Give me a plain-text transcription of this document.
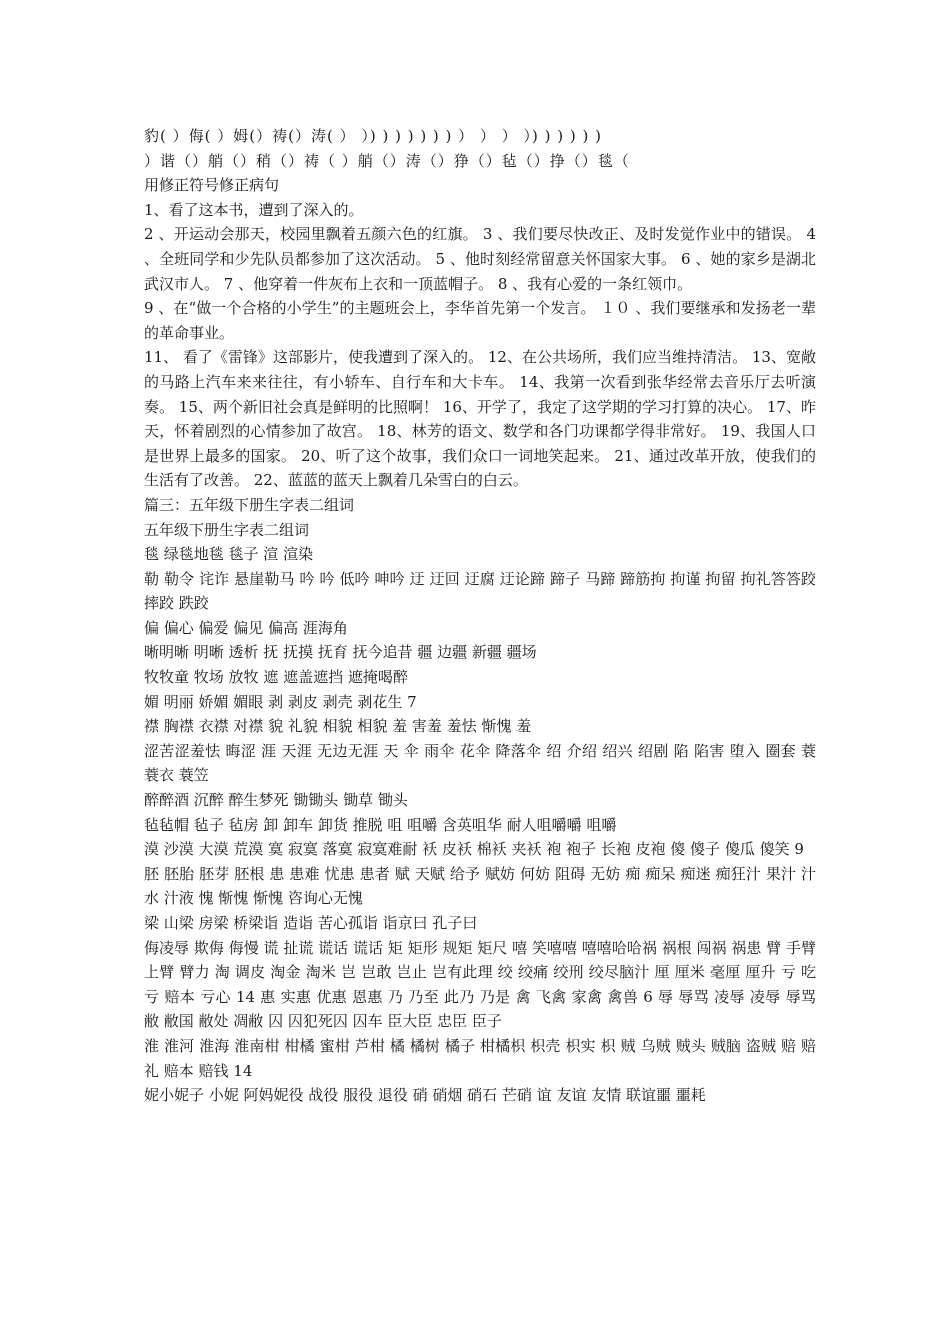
豹( ）侮( ）姆(）祷(）涛( ） ）) ) ) ) ) ) ) ） ） ） ）) ) ) ) ) )

）谐（）艄（）稍（）祷（ ）艄（）涛（）狰（）毡（）挣（）毯（

用修正符号修正病句

1、看了这本书，遭到了深入的。

2 、开运动会那天，校园里飘着五颜六色的红旗。 3 、我们要尽快改正、及时发觉作业中的错误。 4 、全班同学和少先队员都参加了这次活动。 5 、他时刻经常留意关怀国家大事。 6 、她的家乡是湖北武汉市人。 7 、他穿着一件灰布上衣和一顶蓝帽子。 8 、我有心爱的一条红领巾。

9 、在“做一个合格的小学生”的主题班会上，李华首先第一个发言。 １０ 、我们要继承和发扬老一辈的革命事业。

11、 看了《雷锋》这部影片，使我遭到了深入的。 12、在公共场所，我们应当维持清洁。 13、宽敞的马路上汽车来来往往，有小轿车、自行车和大卡车。 14、我第一次看到张华经常去音乐厅去听演奏。 15、两个新旧社会真是鲜明的比照啊！ 16、开学了，我定了这学期的学习打算的决心。 17、昨天，怀着剧烈的心情参加了故宫。 18、林芳的语文、数学和各门功课都学得非常好。 19、我国人口是世界上最多的国家。 20、听了这个故事，我们众口一词地笑起来。 21、通过改革开放，使我们的生活有了改善。 22、蓝蓝的蓝天上飘着几朵雪白的白云。

篇三：五年级下册生字表二组词

五年级下册生字表二组词

毯 绿毯地毯 毯子 渲 渲染

勒 勒令 诧诈 悬崖勒马 吟 吟 低吟 呻吟 迂 迂回 迂腐 迂论蹄 蹄子 马蹄 蹄筋拘 拘谨 拘留 拘礼答答跤 摔跤 跌跤

偏 偏心 偏爱 偏见 偏高 涯海角

晰明晰 明晰 透析 抚 抚摸 抚育 抚今追昔 疆 边疆 新疆 疆场

牧牧童 牧场 放牧 遮 遮盖遮挡 遮掩喝醉

媚 明丽 娇媚 媚眼 剥 剥皮 剥壳 剥花生 7

襟 胸襟 衣襟 对襟 貌 礼貌 相貌 相貌 羞 害羞 羞怯 惭愧 羞

涩苦涩羞怯 晦涩 涯 天涯 无边无涯 天 伞 雨伞 花伞 降落伞 绍 介绍 绍兴 绍剧 陷 陷害 堕入 圈套 蓑 蓑衣 蓑笠

醉醉酒 沉醉 醉生梦死 锄锄头 锄草 锄头

毡毡帽 毡子 毡房 卸 卸车 卸货 推脱 咀 咀嚼 含英咀华 耐人咀嚼嚼 咀嚼

漠 沙漠 大漠 荒漠 寞 寂寞 落寞 寂寞难耐 袄 皮袄 棉袄 夹袄 袍 袍子 长袍 皮袍 傻 傻子 傻瓜 傻笑 9

胚 胚胎 胚芽 胚根 患 患难 忧患 患者 赋 天赋 给予 赋妨 何妨 阻碍 无妨 痴 痴呆 痴迷 痴狂汁 果汁 汁水 汁液 愧 惭愧 惭愧 咨询心无愧

梁 山梁 房梁 桥梁诣 造诣 苦心孤诣 诣京曰 孔子曰

侮凌辱 欺侮 侮慢 谎 扯谎 谎话 谎话 矩 矩形 规矩 矩尺 嘻 笑嘻嘻 嘻嘻哈哈祸 祸根 闯祸 祸患 臂 手臂 上臂 臂力 淘 调皮 淘金 淘米 岂 岂敢 岂止 岂有此理 绞 绞痛 绞刑 绞尽脑汁 厘 厘米 毫厘 厘升 亏 吃亏 赔本 亏心 14 惠 实惠 优惠 恩惠 乃 乃至 此乃 乃是 禽 飞禽 家禽 禽兽 6 辱 辱骂 凌辱 凌辱 辱骂 敝 敝国 敝处 凋敝 囚 囚犯死囚 囚车 臣大臣 忠臣 臣子

淮 淮河 淮海 淮南柑 柑橘 蜜柑 芦柑 橘 橘树 橘子 柑橘枳 枳壳 枳实 枳 贼 乌贼 贼头 贼脑 盗贼 赔 赔礼 赔本 赔钱 14

妮小妮子 小妮 阿妈妮役 战役 服役 退役 硝 硝烟 硝石 芒硝 谊 友谊 友情 联谊噩 噩耗
